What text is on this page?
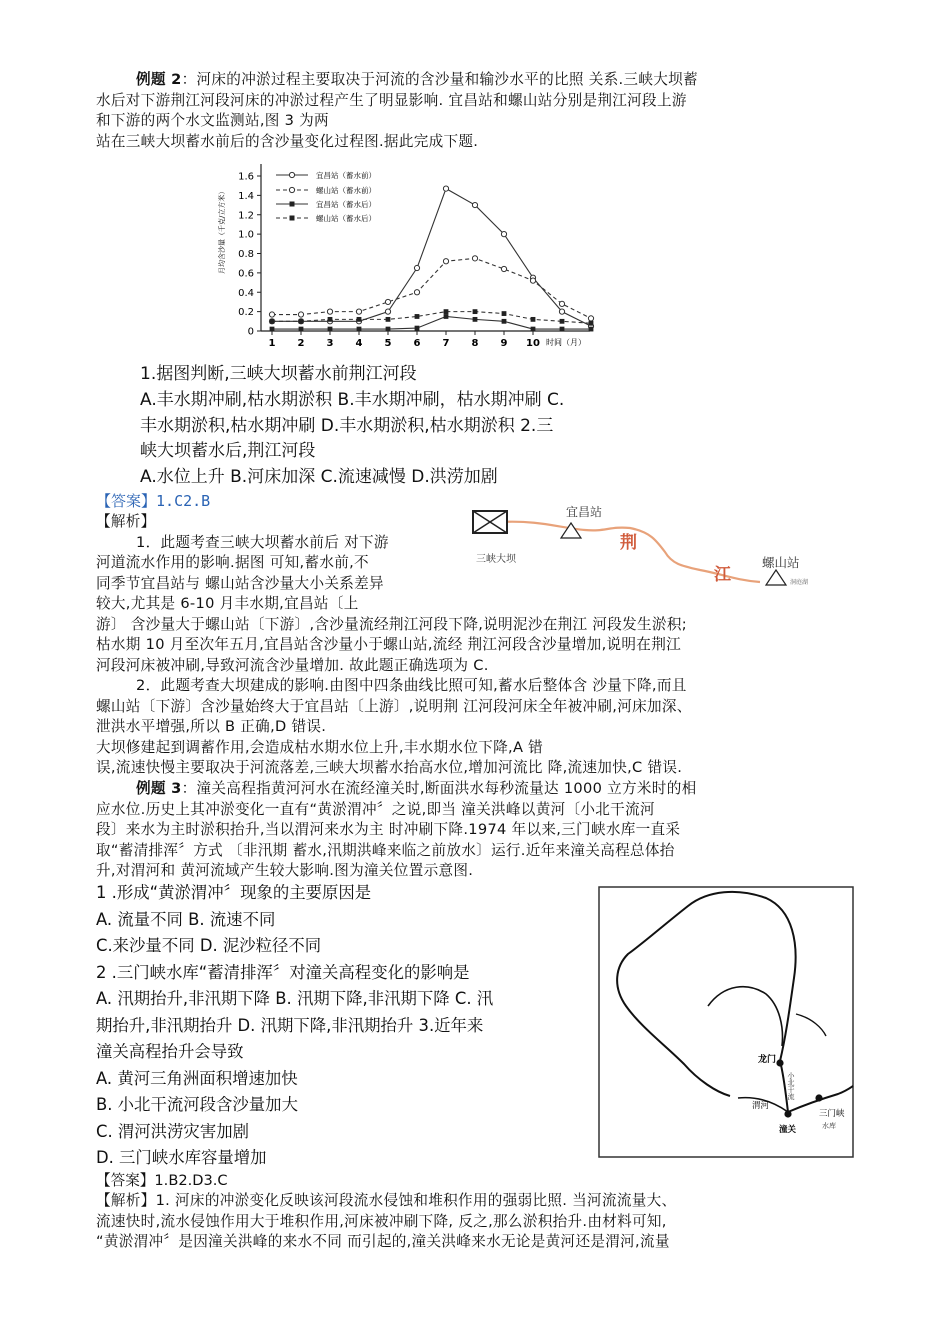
例题 2：河床的冲淤过程主要取决于河流的含沙量和输沙水平的比照 关系.三峡大坝蓄
水后对下游荆江河段河床的冲淤过程产生了明显影响. 宜昌站和螺山站分别是荆江河段上游
和下游的两个水文监测站,图 3 为两
站在三峡大坝蓄水前后的含沙量变化过程图.据此完成下题.
月均含沙量（千克/立方米）
时间（月）
宜昌站（蓄水前）
螺山站（蓄水前）
宜昌站（蓄水后）
螺山站（蓄水后）
0
0.2
0.4
0.6
0.8
1.0
1.2
1.4
1.6
1 2 3 4 5 6 7 8 9 10
1.据图判断,三峡大坝蓄水前荆江河段
A.丰水期冲刷,枯水期淤积 B.丰水期冲刷，枯水期冲刷 C.
丰水期淤积,枯水期冲刷 D.丰水期淤积,枯水期淤积 2.三
峡大坝蓄水后,荆江河段
A.水位上升 B.河床加深 C.流速减慢 D.洪涝加剧
【答案】1.C2.B
【解析】
1．此题考查三峡大坝蓄水前后 对下游
河道流水作用的影响.据图 可知,蓄水前,不
同季节宜昌站与 螺山站含沙量大小关系差异
较大,尤其是 6-10 月丰水期,宜昌站〔上
游〕 含沙量大于螺山站〔下游〕,含沙量流经荆江河段下降,说明泥沙在荆江 河段发生淤积;
枯水期 10 月至次年五月,宜昌站含沙量小于螺山站,流经 荆江河段含沙量增加,说明在荆江
河段河床被冲刷,导致河流含沙量增加. 故此题正确选项为 C.
2．此题考查大坝建成的影响.由图中四条曲线比照可知,蓄水后整体含 沙量下降,而且
螺山站〔下游〕含沙量始终大于宜昌站〔上游〕,说明荆 江河段河床全年被冲刷,河床加深、
泄洪水平增强,所以 B 正确,D 错误.
大坝修建起到调蓄作用,会造成枯水期水位上升,丰水期水位下降,A 错
误,流速快慢主要取决于河流落差,三峡大坝蓄水抬高水位,增加河流比 降,流速加快,C 错误.
三峡大坝
宜昌站
荆
江
螺山站
洞庭湖
例题 3：潼关高程指黄河河水在流经潼关时,断面洪水每秒流量达 1000 立方米时的相
应水位.历史上其冲淤变化一直有“黄淤渭冲〞之说,即当 潼关洪峰以黄河〔小北干流河
段〕来水为主时淤积抬升,当以渭河来水为主 时冲刷下降.1974 年以来,三门峡水库一直采
取“蓄清排浑〞方式 〔非汛期 蓄水,汛期洪峰来临之前放水〕运行.近年来潼关高程总体抬
升,对渭河和 黄河流域产生较大影响.图为潼关位置示意图.
1 .形成“黄淤渭冲〞现象的主要原因是
A. 流量不同 B. 流速不同
C.来沙量不同 D. 泥沙粒径不同
2 .三门峡水库“蓄清排浑〞对潼关高程变化的影响是
A. 汛期抬升,非汛期下降 B. 汛期下降,非汛期下降 C. 汛
期抬升,非汛期抬升 D. 汛期下降,非汛期抬升 3.近年来
潼关高程抬升会导致
A. 黄河三角洲面积增速加快
B. 小北干流河段含沙量加大
C. 渭河洪涝灾害加剧
D. 三门峡水库容量增加
龙门
小北干流
渭河
潼关
三门峡
水库
【答案】1.B2.D3.C
【解析】1. 河床的冲淤变化反映该河段流水侵蚀和堆积作用的强弱比照. 当河流流量大、
流速快时,流水侵蚀作用大于堆积作用,河床被冲刷下降, 反之,那么淤积抬升.由材料可知,
“黄淤渭冲〞是因潼关洪峰的来水不同 而引起的,潼关洪峰来水无论是黄河还是渭河,流量
